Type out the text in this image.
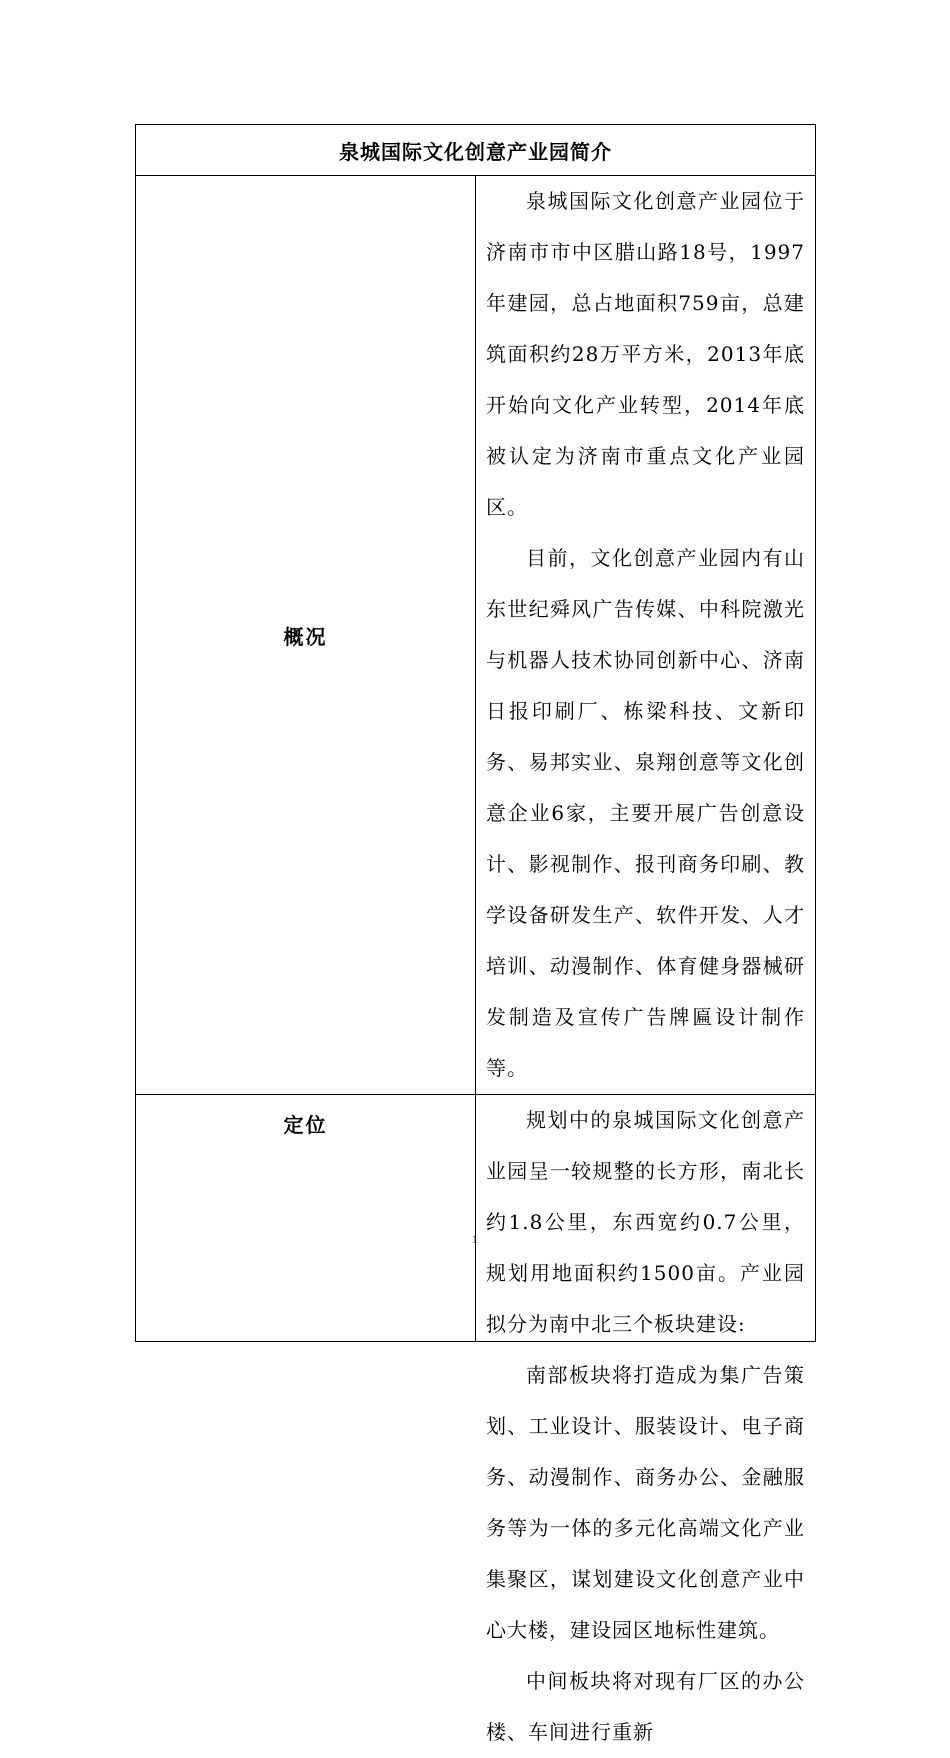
泉城国际文化创意产业园简介	
概况	泉城国际文化创意产业园位于济南市市中区腊山路18号，1997年建园，总占地面积759亩，总建筑面积约28万平方米，2013年底开始向文化产业转型，2014年底被认定为济南市重点文化产业园区。

目前，文化创意产业园内有山东世纪舜风广告传媒、中科院激光与机器人技术协同创新中心、济南日报印刷厂、栋梁科技、文新印务、易邦实业、泉翔创意等文化创意企业6家，主要开展广告创意设计、影视制作、报刊商务印刷、教学设备研发生产、软件开发、人才培训、动漫制作、体育健身器械研发制造及宣传广告牌匾设计制作等。

定位	规划中的泉城国际文化创意产业园呈一较规整的长方形，南北长约1.8公里，东西宽约0.7公里，规划用地面积约1500亩。产业园拟分为南中北三个板块建设:

南部板块将打造成为集广告策划、工业设计、服装设计、电子商务、动漫制作、商务办公、金融服务等为一体的多元化高端文化产业集聚区，谋划建设文化创意产业中心大楼，建设园区地标性建筑。

中间板块将对现有厂区的办公楼、车间进行重新

1
